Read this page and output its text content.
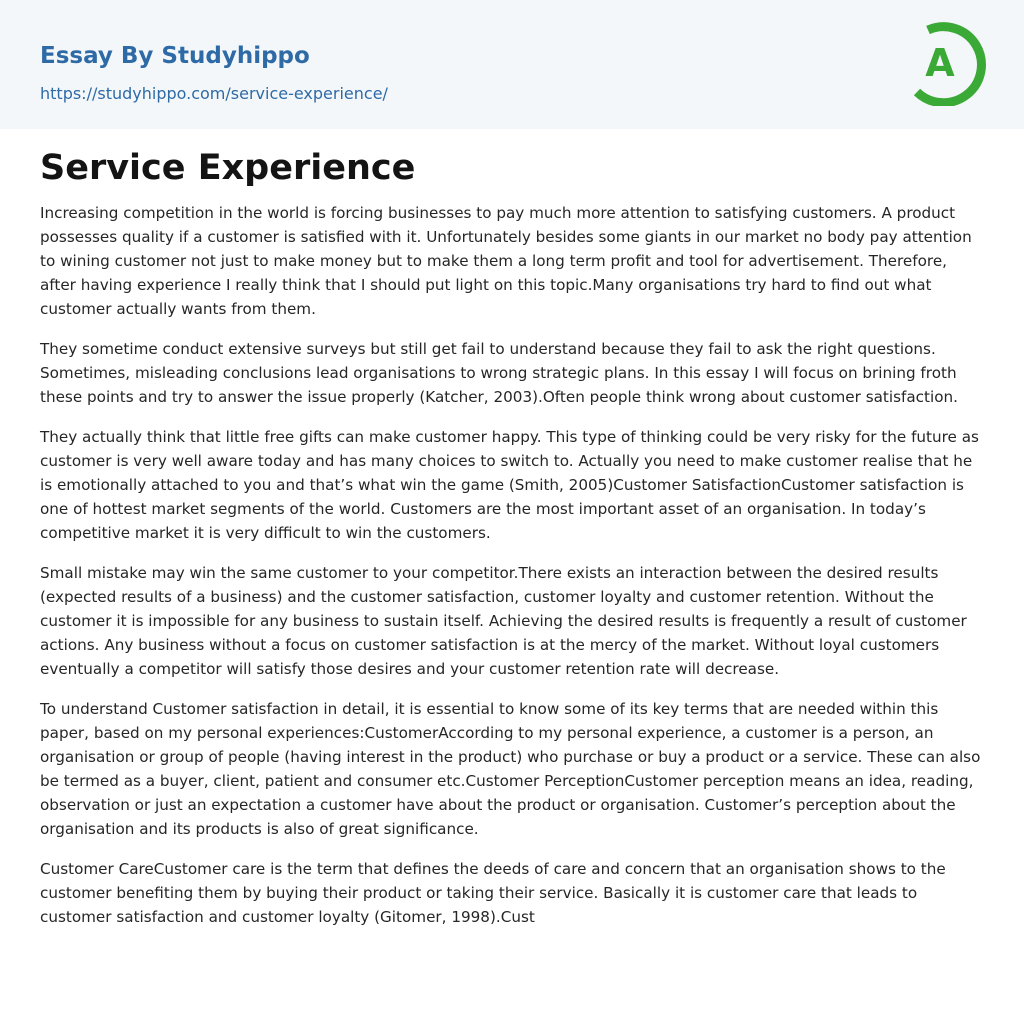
Essay By Studyhippo
https://studyhippo.com/service-experience/
A
Service Experience

Increasing competition in the world is forcing businesses to pay much more attention to satisfying customers. A product possesses quality if a customer is satisfied with it. Unfortunately besides some giants in our market no body pay attention to wining customer not just to make money but to make them a long term profit and tool for advertisement. Therefore, after having experience I really think that I should put light on this topic.Many organisations try hard to find out what customer actually wants from them.

They sometime conduct extensive surveys but still get fail to understand because they fail to ask the right questions. Sometimes, misleading conclusions lead organisations to wrong strategic plans. In this essay I will focus on brining froth these points and try to answer the issue properly (Katcher, 2003).Often people think wrong about customer satisfaction.

They actually think that little free gifts can make customer happy. This type of thinking could be very risky for the future as customer is very well aware today and has many choices to switch to. Actually you need to make customer realise that he is emotionally attached to you and that’s what win the game (Smith, 2005)Customer SatisfactionCustomer satisfaction is one of hottest market segments of the world. Customers are the most important asset of an organisation. In today’s competitive market it is very difficult to win the customers.

Small mistake may win the same customer to your competitor.There exists an interaction between the desired results (expected results of a business) and the customer satisfaction, customer loyalty and customer retention. Without the customer it is impossible for any business to sustain itself. Achieving the desired results is frequently a result of customer actions. Any business without a focus on customer satisfaction is at the mercy of the market. Without loyal customers eventually a competitor will satisfy those desires and your customer retention rate will decrease.

To understand Customer satisfaction in detail, it is essential to know some of its key terms that are needed within this paper, based on my personal experiences:CustomerAccording to my personal experience, a customer is a person, an organisation or group of people (having interest in the product) who purchase or buy a product or a service. These can also be termed as a buyer, client, patient and consumer etc.Customer PerceptionCustomer perception means an idea, reading, observation or just an expectation a customer have about the product or organisation. Customer’s perception about the organisation and its products is also of great significance.

Customer CareCustomer care is the term that defines the deeds of care and concern that an organisation shows to the customer benefiting them by buying their product or taking their service. Basically it is customer care that leads to customer satisfaction and customer loyalty (Gitomer, 1998).Cust
